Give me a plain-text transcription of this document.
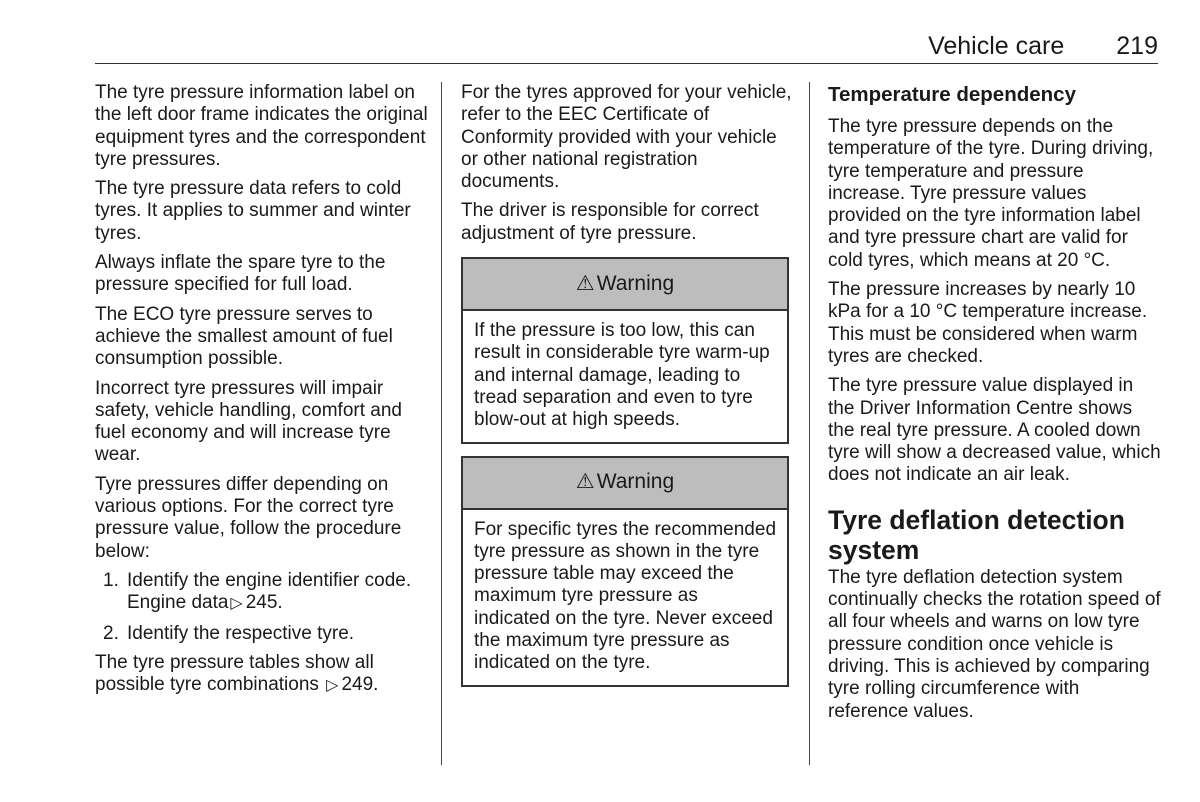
Vehicle care 219

The tyre pressure information label on the left door frame indicates the original equipment tyres and the correspondent tyre pressures.

The tyre pressure data refers to cold tyres. It applies to summer and winter tyres.

Always inflate the spare tyre to the pressure specified for full load.

The ECO tyre pressure serves to achieve the smallest amount of fuel consumption possible.

Incorrect tyre pressures will impair safety, vehicle handling, comfort and fuel economy and will increase tyre wear.

Tyre pressures differ depending on various options. For the correct tyre pressure value, follow the procedure below:

1. Identify the engine identifier code. Engine data ▷ 245.
2. Identify the respective tyre.

The tyre pressure tables show all possible tyre combinations ▷ 249.

For the tyres approved for your vehicle, refer to the EEC Certificate of Conformity provided with your vehicle or other national registration documents.

The driver is responsible for correct adjustment of tyre pressure.

⚠ Warning
If the pressure is too low, this can result in considerable tyre warm-up and internal damage, leading to tread separation and even to tyre blow-out at high speeds.
⚠ Warning
For specific tyres the recommended tyre pressure as shown in the tyre pressure table may exceed the maximum tyre pressure as indicated on the tyre. Never exceed the maximum tyre pressure as indicated on the tyre.
Temperature dependency

The tyre pressure depends on the temperature of the tyre. During driving, tyre temperature and pressure increase. Tyre pressure values provided on the tyre information label and tyre pressure chart are valid for cold tyres, which means at 20 °C.

The pressure increases by nearly 10 kPa for a 10 °C temperature increase. This must be considered when warm tyres are checked.

The tyre pressure value displayed in the Driver Information Centre shows the real tyre pressure. A cooled down tyre will show a decreased value, which does not indicate an air leak.

Tyre deflation detection system

The tyre deflation detection system continually checks the rotation speed of all four wheels and warns on low tyre pressure condition once vehicle is driving. This is achieved by comparing tyre rolling circumference with reference values.
